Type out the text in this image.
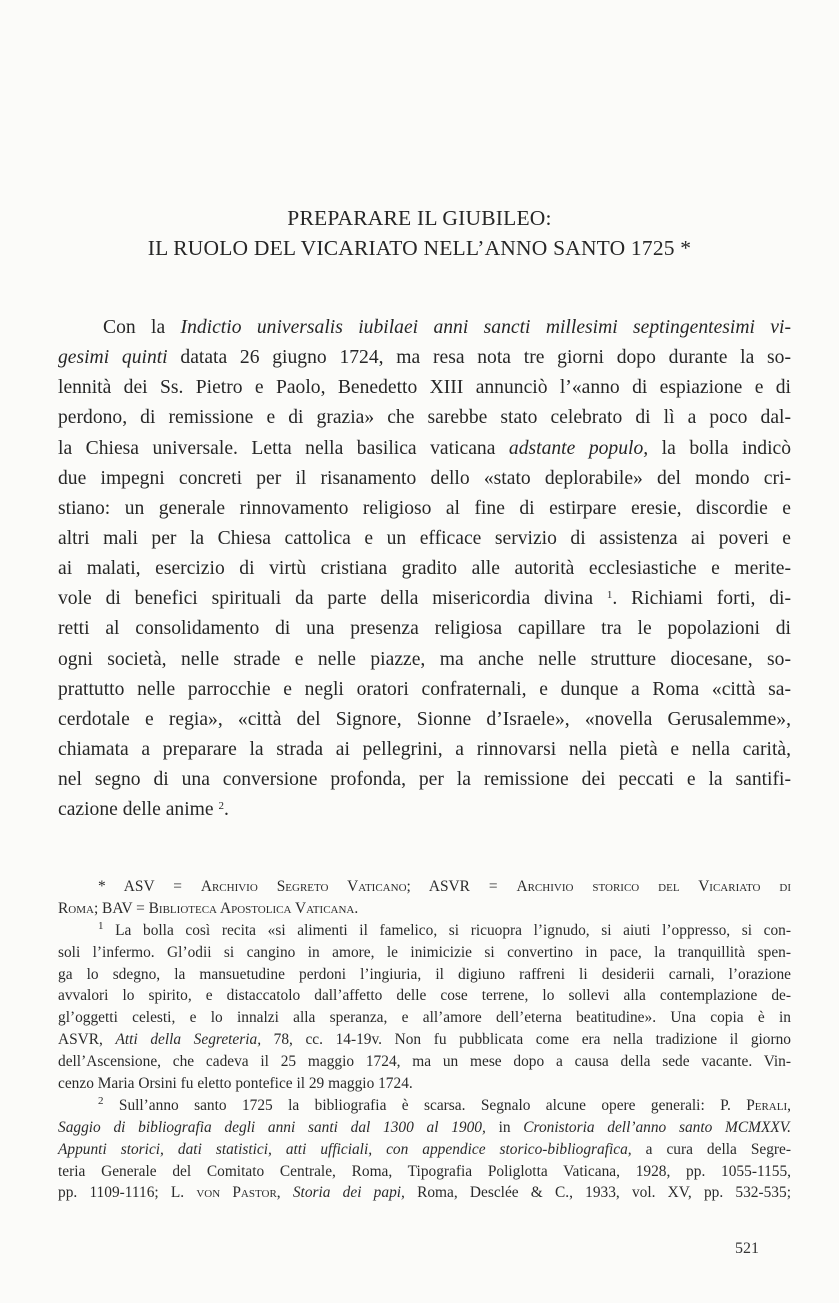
PREPARARE IL GIUBILEO:
IL RUOLO DEL VICARIATO NELL’ANNO SANTO 1725 *
Con la Indictio universalis iubilaei anni sancti millesimi septingentesimi vi-
gesimi quinti datata 26 giugno 1724, ma resa nota tre giorni dopo durante la so-
lennità dei Ss. Pietro e Paolo, Benedetto XIII annunciò l’«anno di espiazione e di
perdono, di remissione e di grazia» che sarebbe stato celebrato di lì a poco dal-
la Chiesa universale. Letta nella basilica vaticana adstante populo, la bolla indicò
due impegni concreti per il risanamento dello «stato deplorabile» del mondo cri-
stiano: un generale rinnovamento religioso al fine di estirpare eresie, discordie e
altri mali per la Chiesa cattolica e un efficace servizio di assistenza ai poveri e
ai malati, esercizio di virtù cristiana gradito alle autorità ecclesiastiche e merite-
vole di benefici spirituali da parte della misericordia divina $^1$. Richiami forti, di-
retti al consolidamento di una presenza religiosa capillare tra le popolazioni di
ogni società, nelle strade e nelle piazze, ma anche nelle strutture diocesane, so-
prattutto nelle parrocchie e negli oratori confraternali, e dunque a Roma «città sa-
cerdotale e regia», «città del Signore, Sionne d’Israele», «novella Gerusalemme»,
chiamata a preparare la strada ai pellegrini, a rinnovarsi nella pietà e nella carità,
nel segno di una conversione profonda, per la remissione dei peccati e la santifi-
cazione delle anime $^2$.
* ASV = Archivio Segreto Vaticano; ASVR = Archivio storico del Vicariato di
Roma; BAV = Biblioteca Apostolica Vaticana.
$^1$ La bolla così recita «si alimenti il famelico, si ricuopra l’ignudo, si aiuti l’oppresso, si con-
soli l’infermo. Gl’odii si cangino in amore, le inimicizie si convertino in pace, la tranquillità spen-
ga lo sdegno, la mansuetudine perdoni l’ingiuria, il digiuno raffreni li desiderii carnali, l’orazione
avvalori lo spirito, e distaccatolo dall’affetto delle cose terrene, lo sollevi alla contemplazione de-
gl’oggetti celesti, e lo innalzi alla speranza, e all’amore dell’eterna beatitudine». Una copia è in
ASVR, Atti della Segreteria, 78, cc. 14-19v. Non fu pubblicata come era nella tradizione il giorno
dell’Ascensione, che cadeva il 25 maggio 1724, ma un mese dopo a causa della sede vacante. Vin-
cenzo Maria Orsini fu eletto pontefice il 29 maggio 1724.
$^2$ Sull’anno santo 1725 la bibliografia è scarsa. Segnalo alcune opere generali: P. Perali,
Saggio di bibliografia degli anni santi dal 1300 al 1900, in Cronistoria dell’anno santo MCMXXV.
Appunti storici, dati statistici, atti ufficiali, con appendice storico-bibliografica, a cura della Segre-
teria Generale del Comitato Centrale, Roma, Tipografia Poliglotta Vaticana, 1928, pp. 1055-1155,
pp. 1109-1116; L. von Pastor, Storia dei papi, Roma, Desclée & C., 1933, vol. XV, pp. 532-535;
521
